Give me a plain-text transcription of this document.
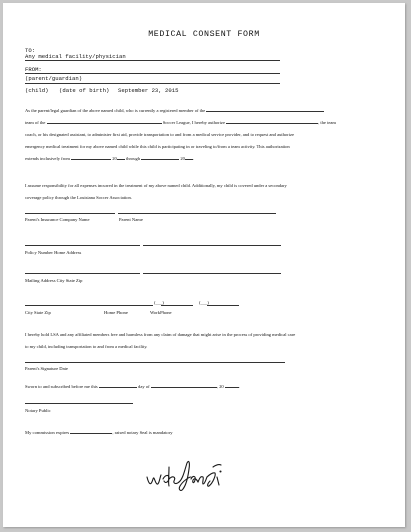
MEDICAL CONSENT FORM
TO:
Any medical facility/physician
FROM:
(parent/guardian)
(child) (date of birth) September 23, 2015
As the parent/legal guardian of the above named child, who is currently a registered member of the
team of the	Soccer League, I hereby authorize	, the team
coach, or his designated assistant, to administer first aid, provide transportation to and from a medical service provider, and to request and authorize
emergency medical treatment for my above named child while this child is participating in or traveling to/from a team activity. This authorization
extends inclusively from	20 through	20 .
I assume responsibility for all expenses incurred in the treatment of my above named child. Additionally, my child is covered under a secondary
coverage policy through the Louisiana Soccer Association.
Parent's Insurance Company Name	Parent Name
Policy Number Home Address
Mailing Address City State Zip
(___)	(___)
City State Zip	Home Phone	WorkPhone
I hereby hold LSA and any affiliated members free and harmless from any claim of damage that might arise in the process of providing medical care
to my child, including transportation to and from a medical facility.
Parent's Signature Date
Sworn to and subscribed before me this	day of	, 20	.
Notary Public
My commission expires	, raised notary Seal is mandatory
